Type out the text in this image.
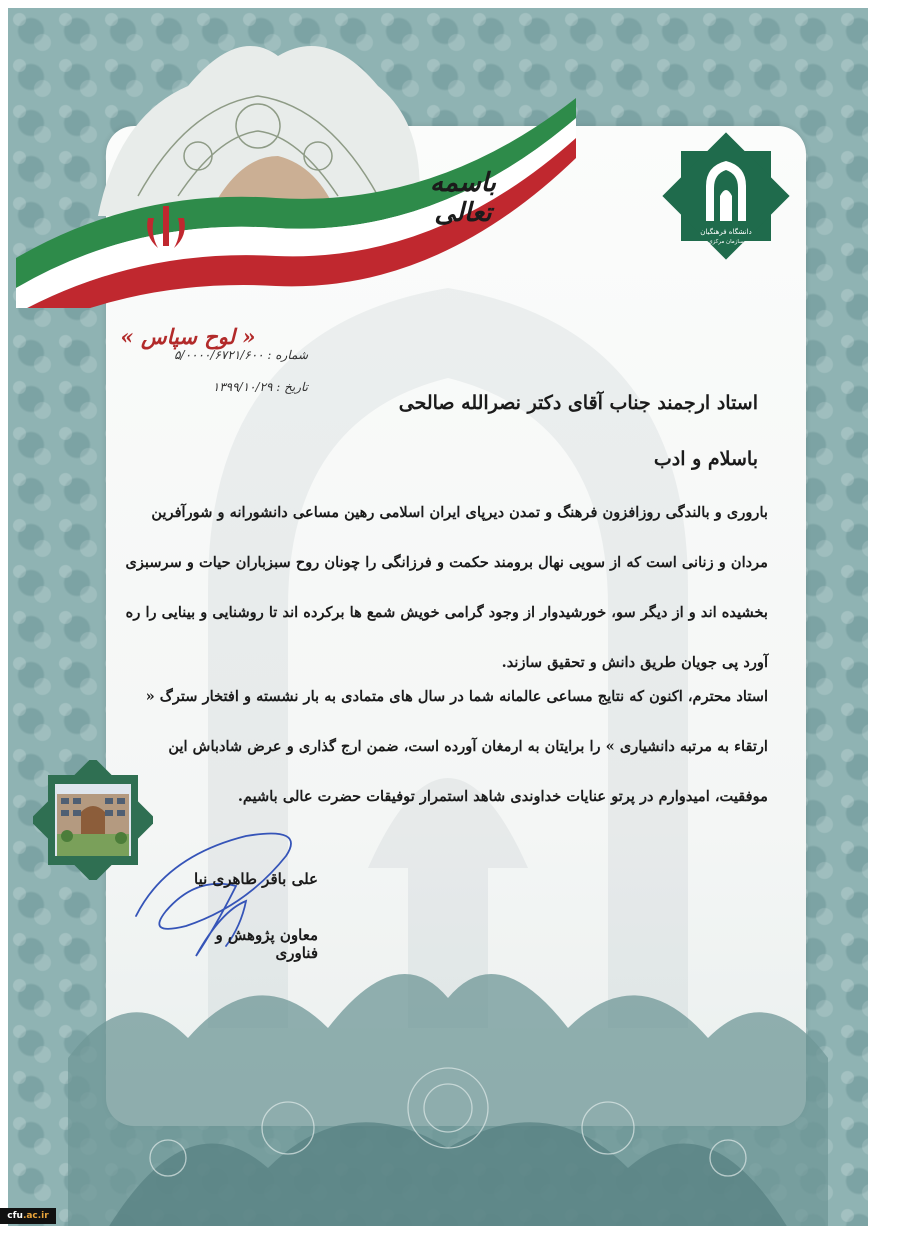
دانشگاه فرهنگیان
سازمان مرکزی

باسمه تعالی

« لوح سپاس »

شماره : ۵/۰۰۰۰/۶۷۲۱/۶۰۰

تاریخ : ۱۳۹۹/۱۰/۲۹

استاد ارجمند جناب آقای دکتر نصرالله صالحی

باسلام و ادب

باروری و بالندگی روزافزون فرهنگ و تمدن دیرپای ایران اسلامی رهین مساعی دانشورانه و شورآفرین مردان و زنانی است که از سویی نهال برومند حکمت و فرزانگی را چونان روح سبزباران حیات و سرسبزی بخشیده اند و از دیگر سو، خورشیدوار از وجود گرامی خویش شمع ها برکرده اند تا روشنایی و بینایی را ره آورد پی جویان طریق دانش و تحقیق سازند.

استاد محترم، اکنون که نتایج مساعی عالمانه شما در سال های متمادی به بار نشسته و افتخار سترگ « ارتقاء به مرتبه دانشیاری » را برایتان به ارمغان آورده است، ضمن ارج گذاری و عرض شادباش این موفقیت، امیدوارم در پرتو عنایات خداوندی شاهد استمرار توفیقات حضرت عالی باشیم.

علی باقر طاهری نیا

معاون پژوهش و فناوری

cfu.ac.ir
